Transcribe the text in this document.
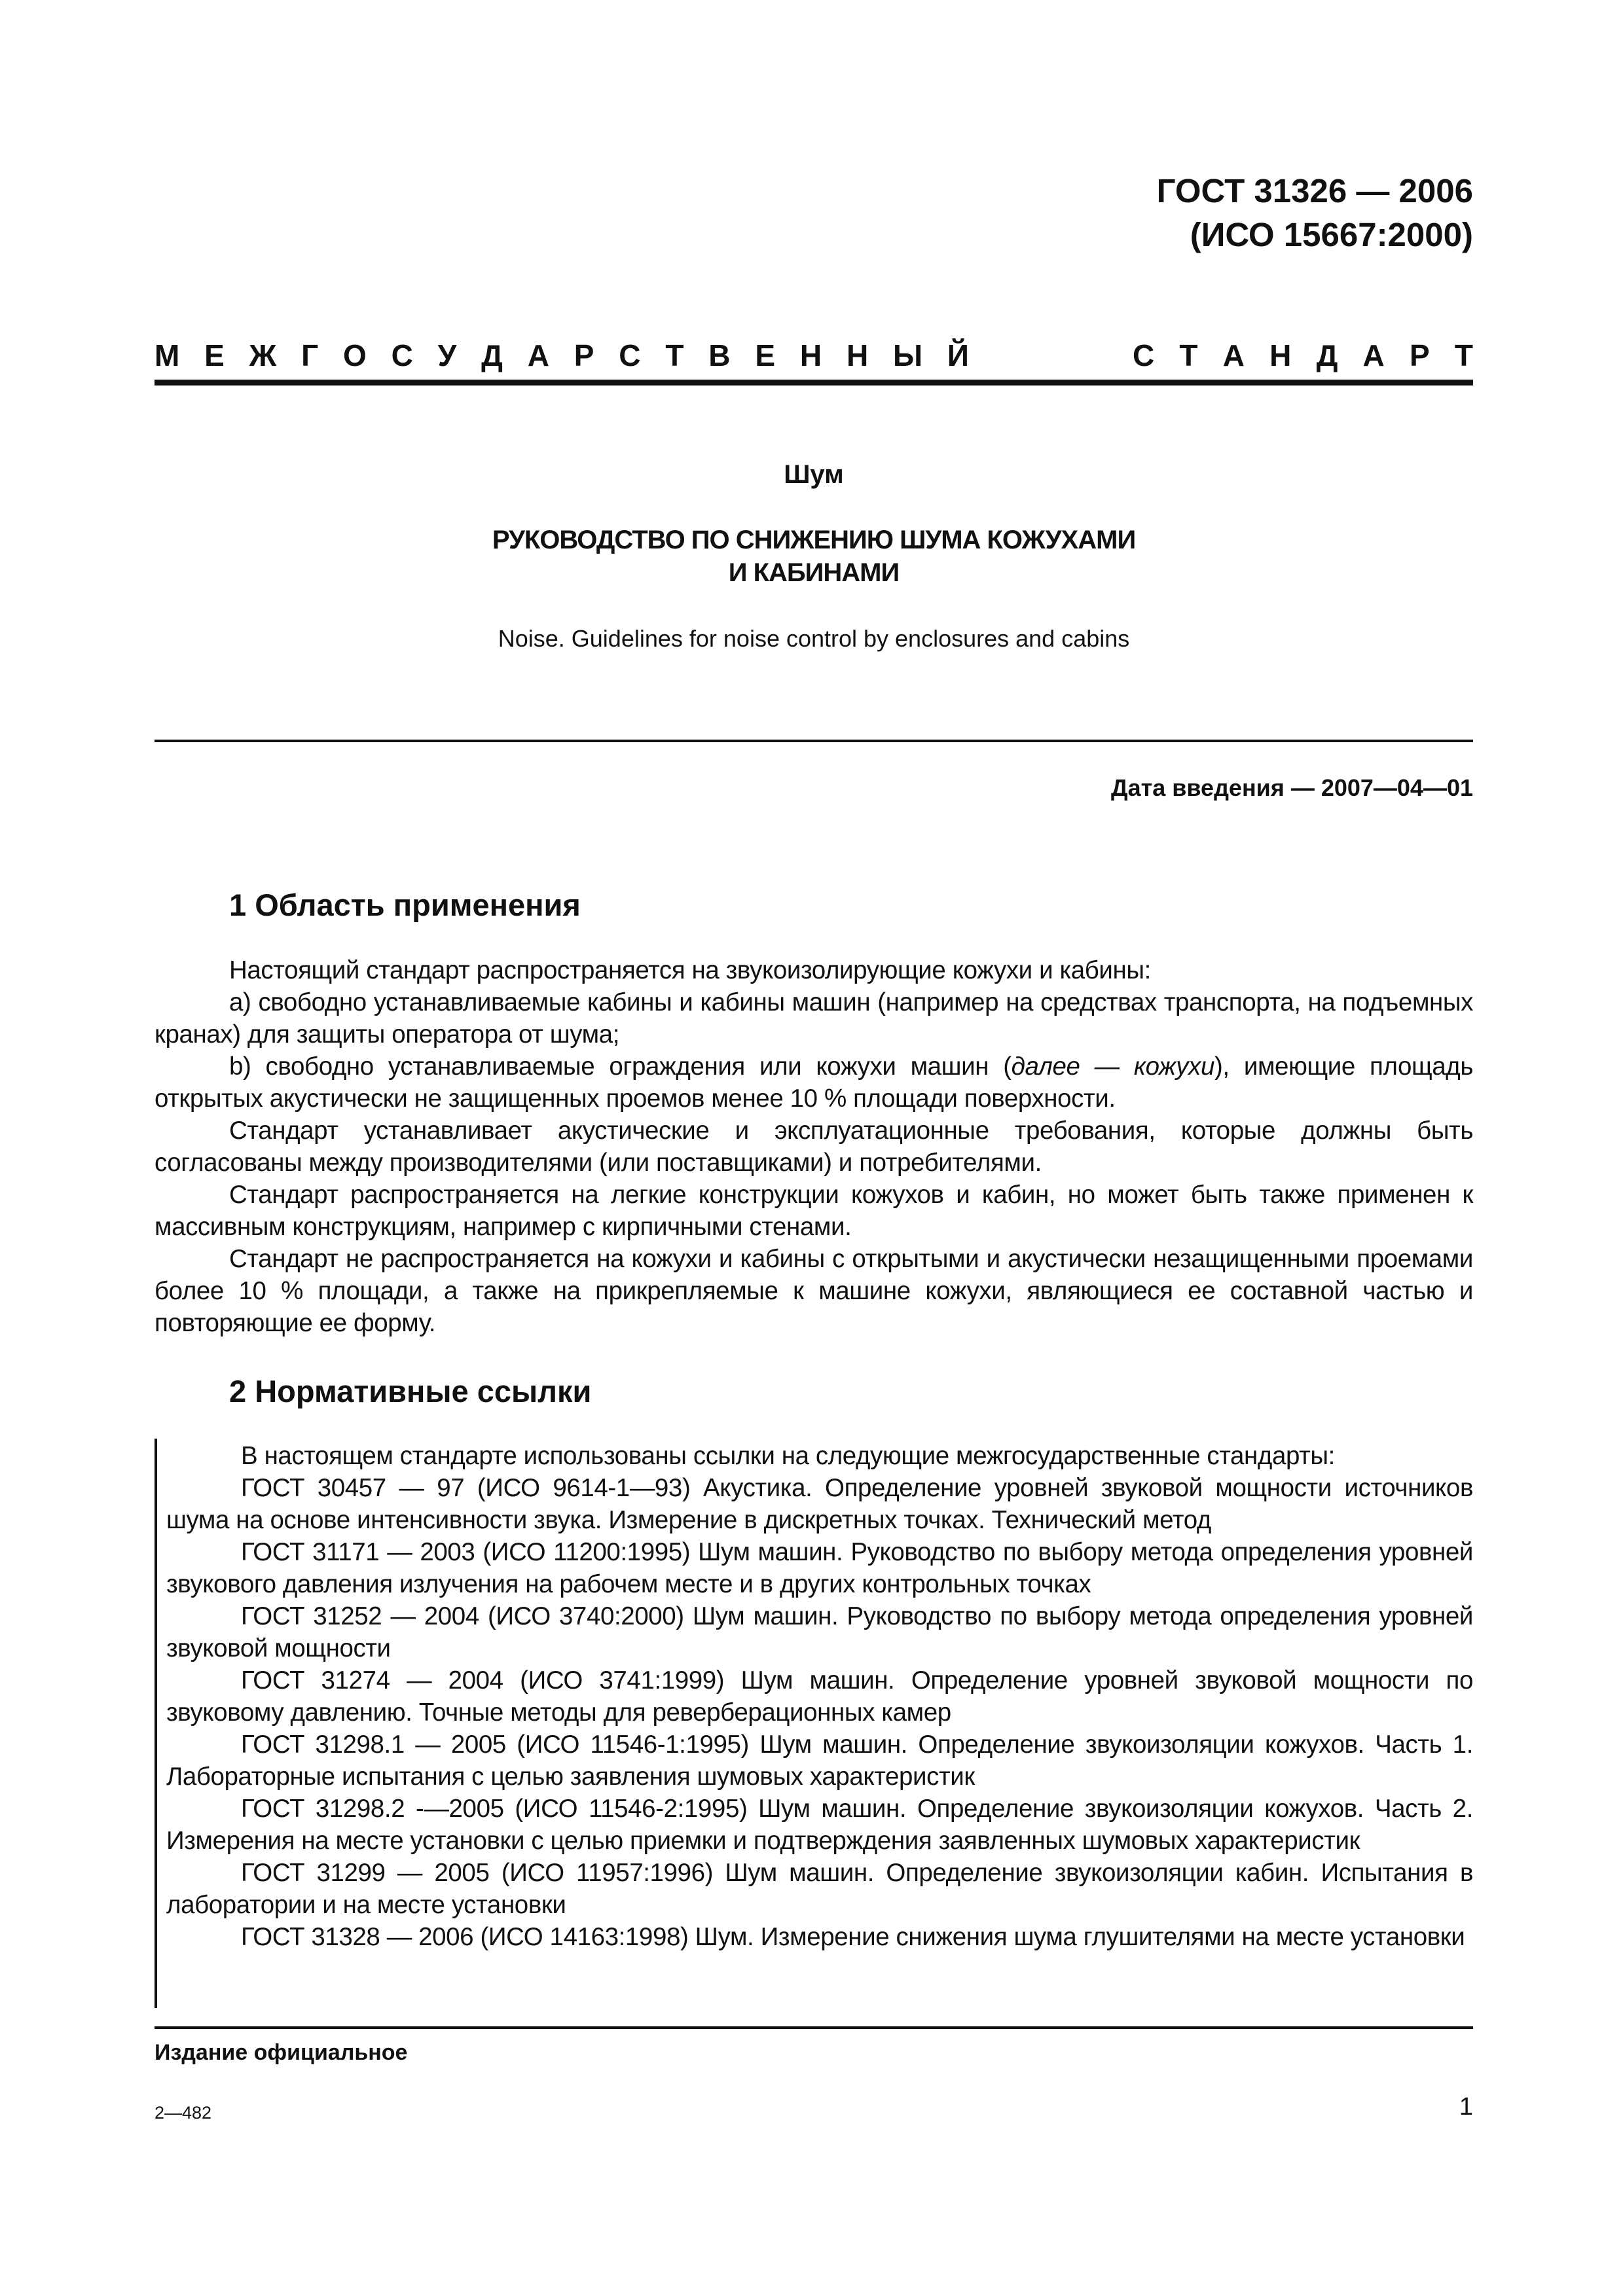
ГОСТ 31326 — 2006
(ИСО 15667:2000)
М Е Ж Г О С У Д А Р С Т В Е Н Н Ы Й	С Т А Н Д А Р Т
Шум
РУКОВОДСТВО ПО СНИЖЕНИЮ ШУМА КОЖУХАМИ
И КАБИНАМИ
Noise. Guidelines for noise control by enclosures and cabins
Дата введения — 2007—04—01
1 Область применения

Настоящий стандарт распространяется на звукоизолирующие кожухи и кабины:

a) свободно устанавливаемые кабины и кабины машин (например на средствах транспорта, на подъемных кранах) для защиты оператора от шума;

b) свободно устанавливаемые ограждения или кожухи машин (далее — кожухи), имеющие площадь открытых акустически не защищенных проемов менее 10 % площади поверхности.

Стандарт устанавливает акустические и эксплуатационные требования, которые должны быть согласованы между производителями (или поставщиками) и потребителями.

Стандарт распространяется на легкие конструкции кожухов и кабин, но может быть также применен к массивным конструкциям, например с кирпичными стенами.

Стандарт не распространяется на кожухи и кабины с открытыми и акустически незащищенными проемами более 10 % площади, а также на прикрепляемые к машине кожухи, являющиеся ее составной частью и повторяющие ее форму.

2 Нормативные ссылки

В настоящем стандарте использованы ссылки на следующие межгосударственные стандарты:

ГОСТ 30457 — 97 (ИСО 9614-1—93) Акустика. Определение уровней звуковой мощности источников шума на основе интенсивности звука. Измерение в дискретных точках. Технический метод

ГОСТ 31171 — 2003 (ИСО 11200:1995) Шум машин. Руководство по выбору метода определения уровней звукового давления излучения на рабочем месте и в других контрольных точках

ГОСТ 31252 — 2004 (ИСО 3740:2000) Шум машин. Руководство по выбору метода определения уровней звуковой мощности

ГОСТ 31274 — 2004 (ИСО 3741:1999) Шум машин. Определение уровней звуковой мощности по звуковому давлению. Точные методы для реверберационных камер

ГОСТ 31298.1 — 2005 (ИСО 11546-1:1995) Шум машин. Определение звукоизоляции кожухов. Часть 1. Лабораторные испытания с целью заявления шумовых характеристик

ГОСТ 31298.2 -—2005 (ИСО 11546-2:1995) Шум машин. Определение звукоизоляции кожухов. Часть 2. Измерения на месте установки с целью приемки и подтверждения заявленных шумовых характеристик

ГОСТ 31299 — 2005 (ИСО 11957:1996) Шум машин. Определение звукоизоляции кабин. Испытания в лаборатории и на месте установки

ГОСТ 31328 — 2006 (ИСО 14163:1998) Шум. Измерение снижения шума глушителями на месте установки

Издание официальное
2—482	1
